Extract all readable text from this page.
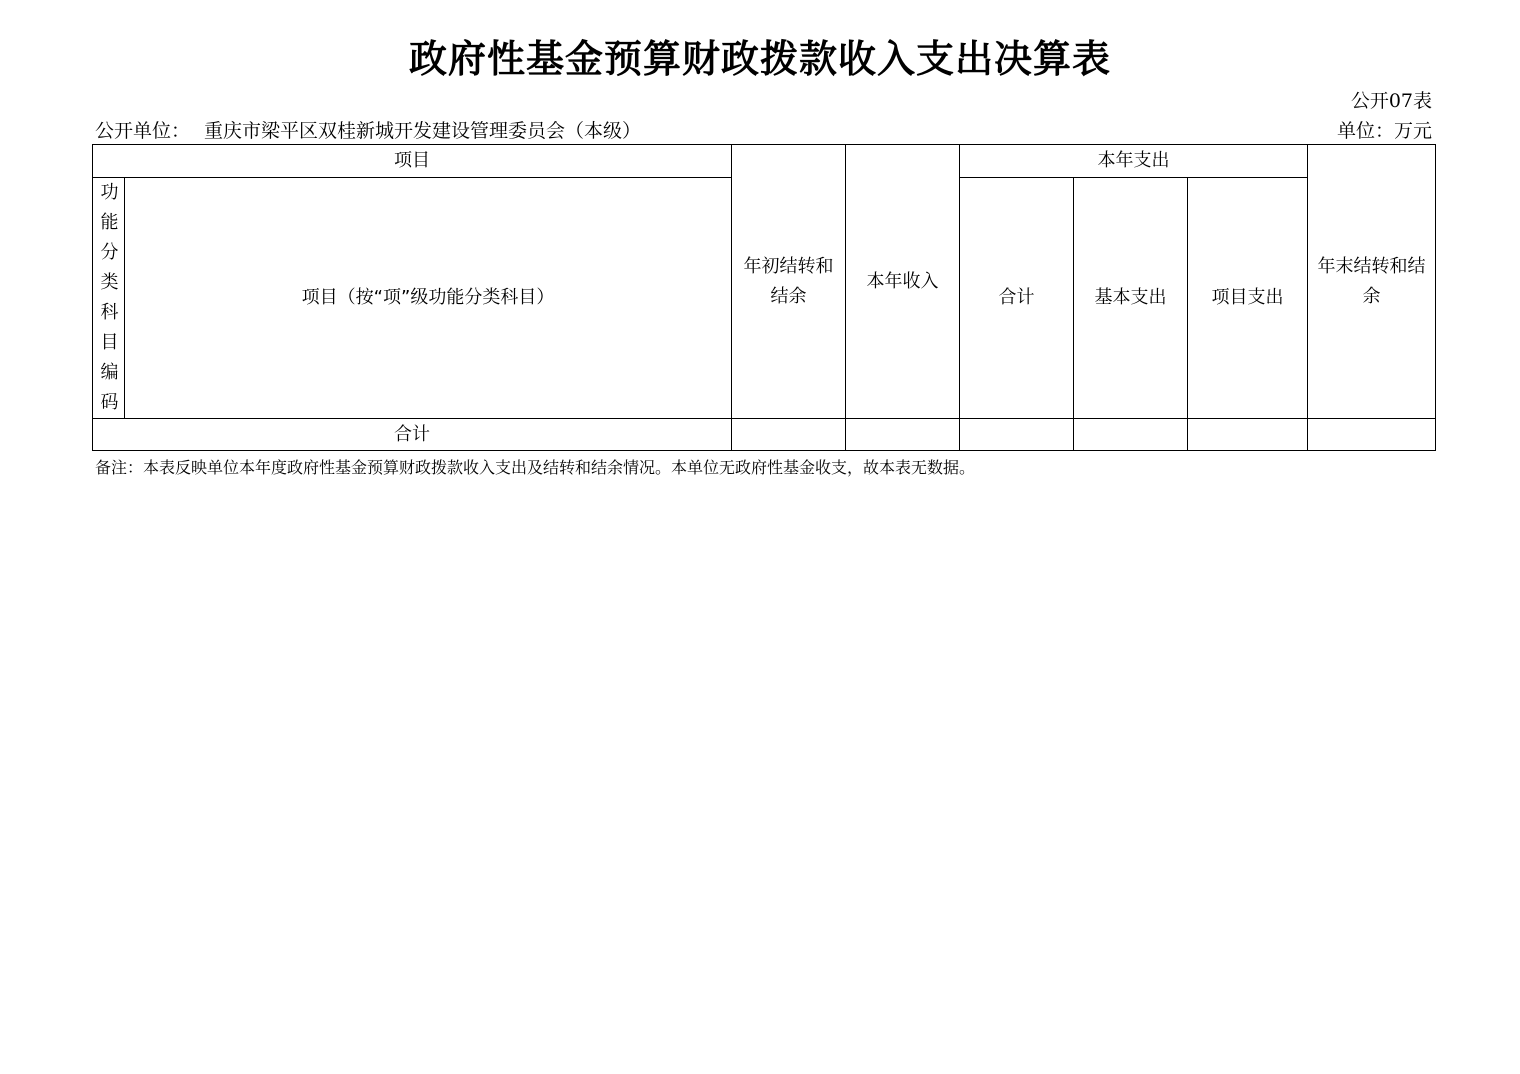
政府性基金预算财政拨款收入支出决算表
公开07表
公开单位： 重庆市梁平区双桂新城开发建设管理委员会（本级）	单位：万元
项目		年初结转和结余	本年收入	本年支出			年末结转和结余

功能分类科目编码	项目（按“项”级功能分类科目）			合计	基本支出	项目支出	
合计							
备注：本表反映单位本年度政府性基金预算财政拨款收入支出及结转和结余情况。本单位无政府性基金收支，故本表无数据。
